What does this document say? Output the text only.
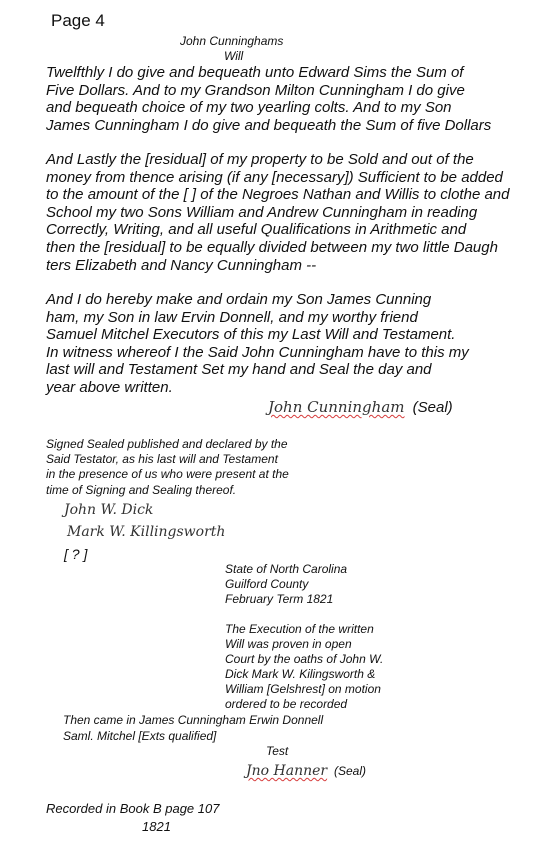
Page 4
John Cunninghams
Will
Twelfthly I do give and bequeath unto Edward Sims the Sum of
Five Dollars. And to my Grandson Milton Cunningham I do give
and bequeath choice of my two yearling colts. And to my Son
James Cunningham I do give and bequeath the Sum of five Dollars
And Lastly the [residual] of my property to be Sold and out of the
money from thence arising (if any [necessary]) Sufficient to be added
to the amount of the [ ] of the Negroes Nathan and Willis to clothe and
School my two Sons William and Andrew Cunningham in reading
Correctly, Writing, and all useful Qualifications in Arithmetic and
then the [residual] to be equally divided between my two little Daugh
ters Elizabeth and Nancy Cunningham --
And I do hereby make and ordain my Son James Cunning
ham, my Son in law Ervin Donnell, and my worthy friend
Samuel Mitchel Executors of this my Last Will and Testament.
In witness whereof I the Said John Cunningham have to this my
last will and Testament Set my hand and Seal the day and
year above written.
John Cunningham (Seal)
Signed Sealed published and declared by the
Said Testator, as his last will and Testament
in the presence of us who were present at the
time of Signing and Sealing thereof.
John W. Dick
Mark W. Killingsworth
[ ? ]
State of North Carolina
Guilford County
February Term 1821
The Execution of the written
Will was proven in open
Court by the oaths of John W.
Dick Mark W. Kilingsworth &
William [Gelshrest] on motion
ordered to be recorded
Then came in James Cunningham Erwin Donnell
Saml. Mitchel [Exts qualified]
Test
Jno Hanner (Seal)
Recorded in Book B page 107
1821
